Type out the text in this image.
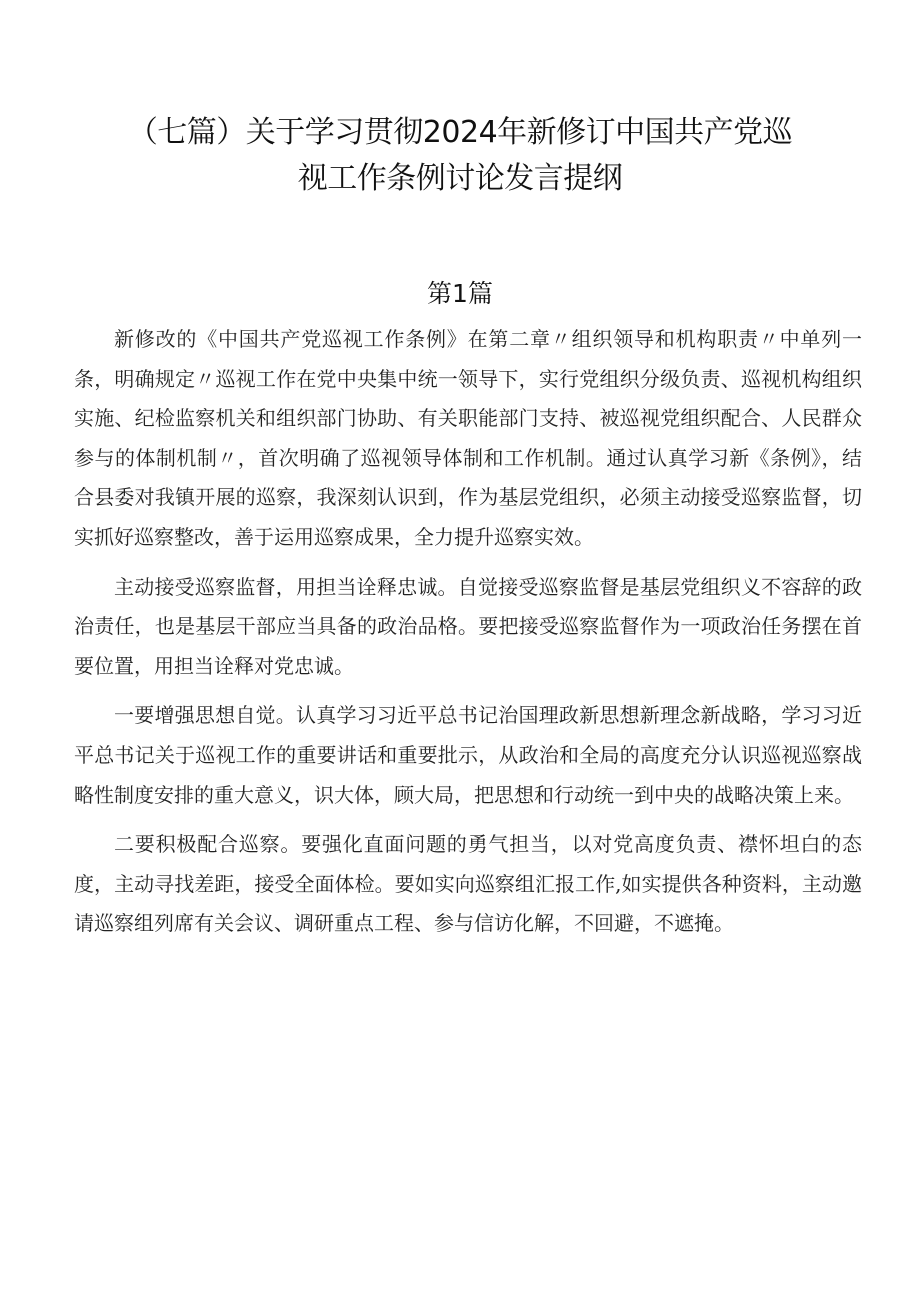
（七篇）关于学习贯彻2024年新修订中国共产党巡
视工作条例讨论发言提纲
第1篇

新修改的《中国共产党巡视工作条例》在第二章〃组织领导和机构职责〃中单列一条，明确规定〃巡视工作在党中央集中统一领导下，实行党组织分级负责、巡视机构组织实施、纪检监察机关和组织部门协助、有关职能部门支持、被巡视党组织配合、人民群众参与的体制机制〃，首次明确了巡视领导体制和工作机制。通过认真学习新《条例》，结合县委对我镇开展的巡察，我深刻认识到，作为基层党组织，必须主动接受巡察监督，切实抓好巡察整改，善于运用巡察成果，全力提升巡察实效。

主动接受巡察监督，用担当诠释忠诚。自觉接受巡察监督是基层党组织义不容辞的政治责任，也是基层干部应当具备的政治品格。要把接受巡察监督作为一项政治任务摆在首要位置，用担当诠释对党忠诚。

一要增强思想自觉。认真学习习近平总书记治国理政新思想新理念新战略，学习习近平总书记关于巡视工作的重要讲话和重要批示，从政治和全局的高度充分认识巡视巡察战略性制度安排的重大意义，识大体，顾大局，把思想和行动统一到中央的战略决策上来。

二要积极配合巡察。要强化直面问题的勇气担当，以对党高度负责、襟怀坦白的态度，主动寻找差距，接受全面体检。要如实向巡察组汇报工作,如实提供各种资料，主动邀请巡察组列席有关会议、调研重点工程、参与信访化解，不回避，不遮掩。
